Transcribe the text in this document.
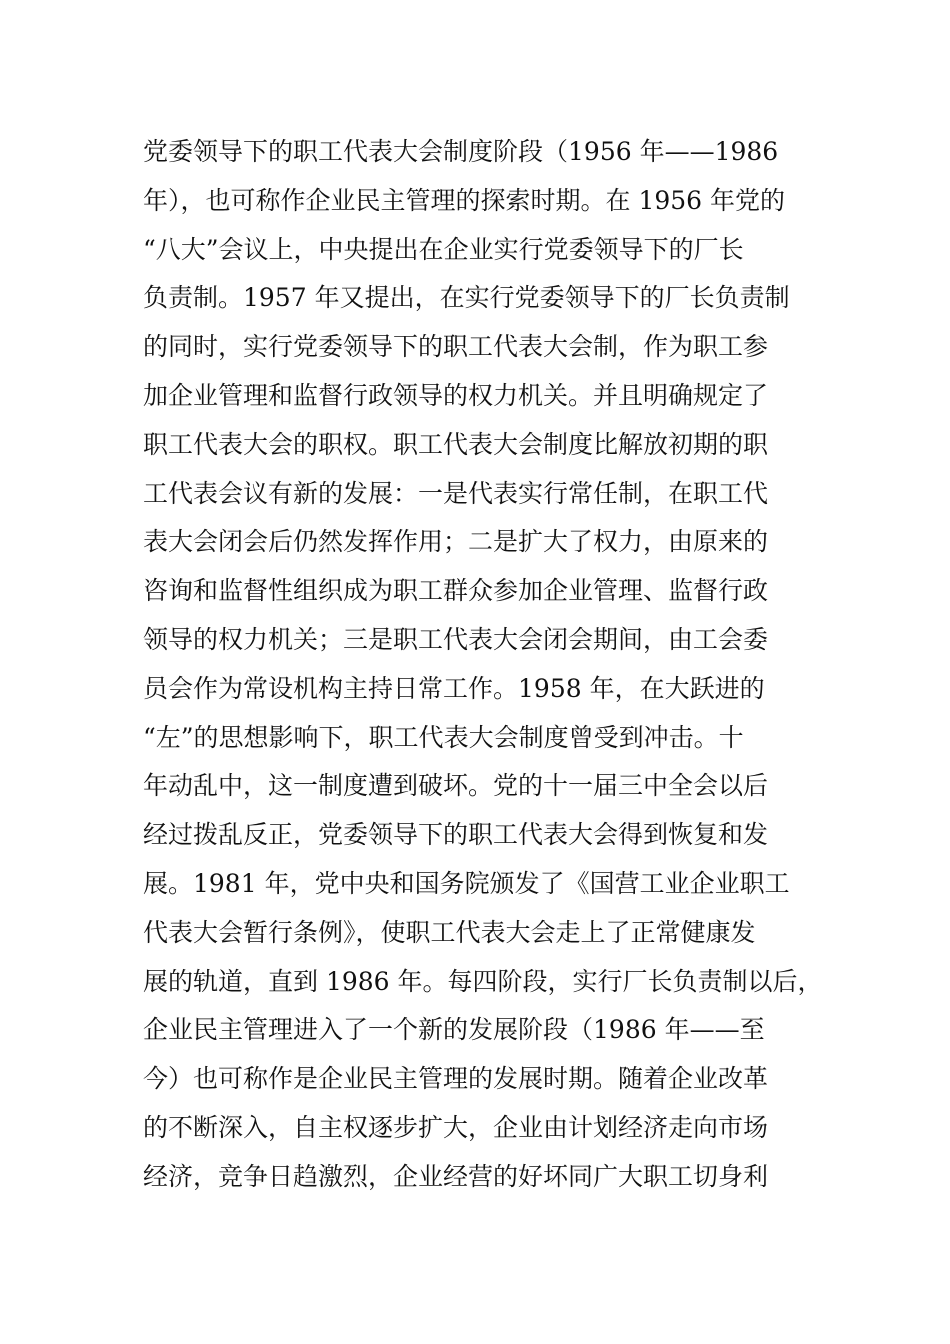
党委领导下的职工代表大会制度阶段（1956 年——1986
年），也可称作企业民主管理的探索时期。在 1956 年党的
“八大”会议上，中央提出在企业实行党委领导下的厂长
负责制。1957 年又提出，在实行党委领导下的厂长负责制
的同时，实行党委领导下的职工代表大会制，作为职工参
加企业管理和监督行政领导的权力机关。并且明确规定了
职工代表大会的职权。职工代表大会制度比解放初期的职
工代表会议有新的发展：一是代表实行常任制，在职工代
表大会闭会后仍然发挥作用；二是扩大了权力，由原来的
咨询和监督性组织成为职工群众参加企业管理、监督行政
领导的权力机关；三是职工代表大会闭会期间，由工会委
员会作为常设机构主持日常工作。1958 年，在大跃进的
“左”的思想影响下，职工代表大会制度曾受到冲击。十
年动乱中，这一制度遭到破坏。党的十一届三中全会以后
经过拨乱反正，党委领导下的职工代表大会得到恢复和发
展。1981 年，党中央和国务院颁发了《国营工业企业职工
代表大会暂行条例》，使职工代表大会走上了正常健康发
展的轨道，直到 1986 年。每四阶段，实行厂长负责制以后，
企业民主管理进入了一个新的发展阶段（1986 年——至
今）也可称作是企业民主管理的发展时期。随着企业改革
的不断深入，自主权逐步扩大，企业由计划经济走向市场
经济，竞争日趋激烈，企业经营的好坏同广大职工切身利
